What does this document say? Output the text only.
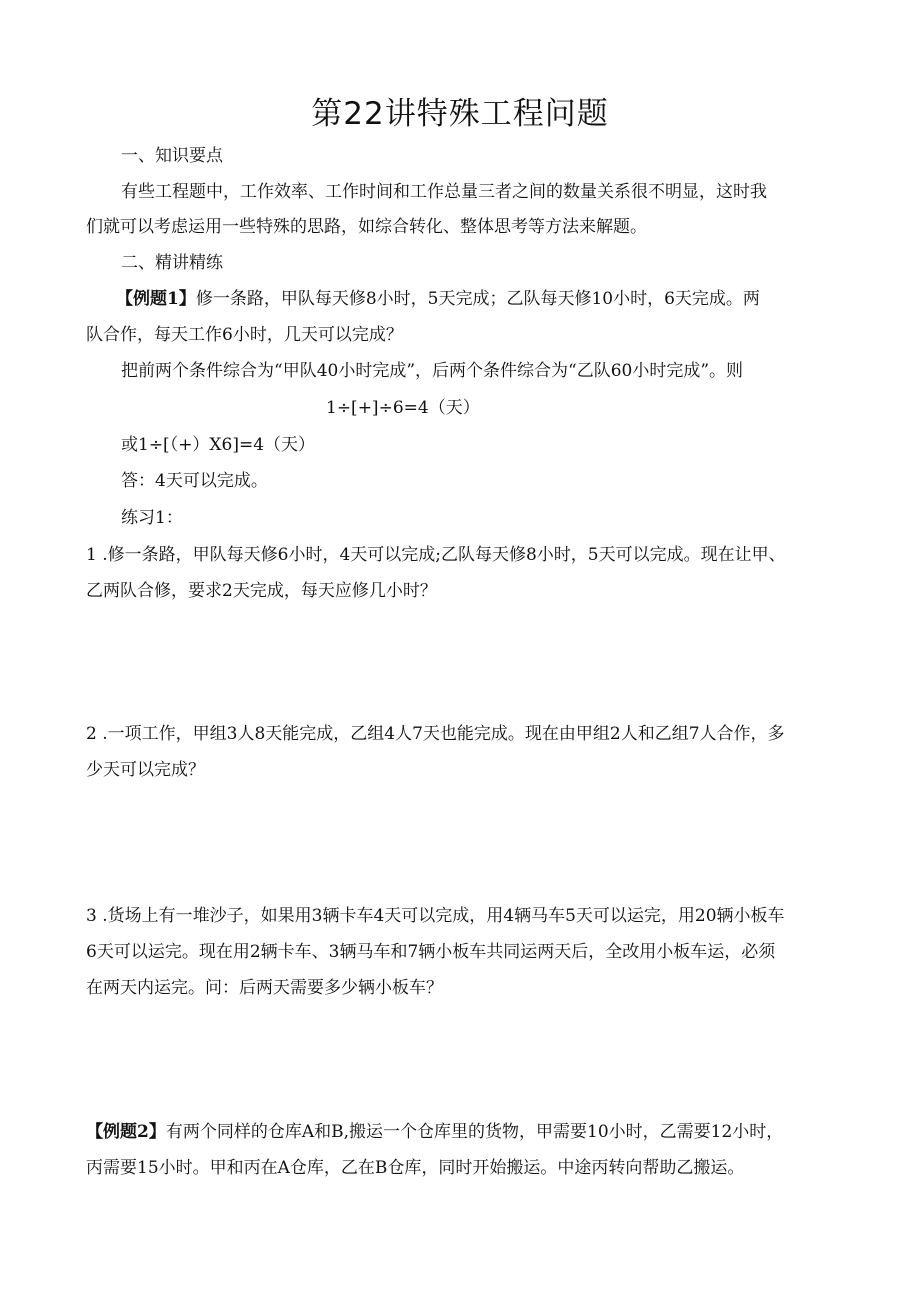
第22讲特殊工程问题
一、知识要点
有些工程题中，工作效率、工作时间和工作总量三者之间的数量关系很不明显，这时我
们就可以考虑运用一些特殊的思路，如综合转化、整体思考等方法来解题。
二、精讲精练
【例题1】修一条路，甲队每天修8小时，5天完成；乙队每天修10小时，6天完成。两
队合作，每天工作6小时，几天可以完成？
把前两个条件综合为“甲队40小时完成”，后两个条件综合为“乙队60小时完成”。则
1÷[+]÷6=4（天）
或1÷[（+）X6]=4（天）
答：4天可以完成。
练习1：
1 .修一条路，甲队每天修6小时，4天可以完成;乙队每天修8小时，5天可以完成。现在让甲、
乙两队合修，要求2天完成，每天应修几小时？
2 .一项工作，甲组3人8天能完成，乙组4人7天也能完成。现在由甲组2人和乙组7人合作，多
少天可以完成？
3 .货场上有一堆沙子，如果用3辆卡车4天可以完成，用4辆马车5天可以运完，用20辆小板车
6天可以运完。现在用2辆卡车、3辆马车和7辆小板车共同运两天后，全改用小板车运，必须
在两天内运完。问：后两天需要多少辆小板车？
【例题2】有两个同样的仓库A和B,搬运一个仓库里的货物，甲需要10小时，乙需要12小时，
丙需要15小时。甲和丙在A仓库，乙在B仓库，同时开始搬运。中途丙转向帮助乙搬运。
